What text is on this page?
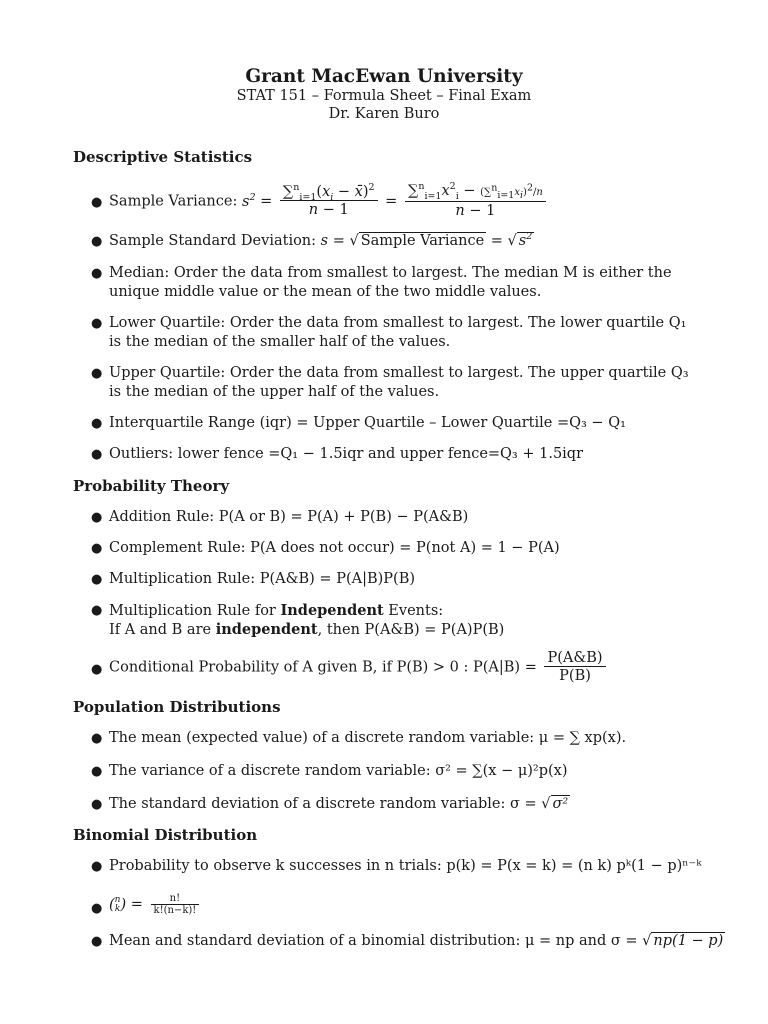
Grant MacEwan University
STAT 151 – Formula Sheet – Final Exam
Dr. Karen Buro
Descriptive Statistics
● Sample Variance: $s^2 = \frac{\sum^n_{i=1}(x_i - x̄)^2}{n - 1} = \frac{\sum^n_{i=1}x^2_i - (\sum^n_{i=1}x_i)^2/n}{n - 1}$
● Sample Standard Deviation: s = √ Sample Variance = √ $s^2$
● Median: Order the data from smallest to largest. The median M is either the unique middle value or the mean of the two middle values.
● Lower Quartile: Order the data from smallest to largest. The lower quartile Q₁ is the median of the smaller half of the values.
● Upper Quartile: Order the data from smallest to largest. The upper quartile Q₃ is the median of the upper half of the values.
● Interquartile Range (iqr) = Upper Quartile – Lower Quartile =Q₃ − Q₁
● Outliers: lower fence =Q₁ − 1.5iqr and upper fence=Q₃ + 1.5iqr
Probability Theory
● Addition Rule: P(A or B) = P(A) + P(B) − P(A&B)
● Complement Rule: P(A does not occur) = P(not A) = 1 − P(A)
● Multiplication Rule: P(A&B) = P(A|B)P(B)
● Multiplication Rule for Independent Events:
If A and B are independent, then P(A&B) = P(A)P(B)
● Conditional Probability of A given B, if P(B) > 0 : $P(A|B) = \frac{P(A\&B)}{P(B)}$
Population Distributions
● The mean (expected value) of a discrete random variable: μ = ∑ xp(x).
● The variance of a discrete random variable: σ² = ∑(x − μ)²p(x)
● The standard deviation of a discrete random variable: σ = √ σ²
Binomial Distribution
● Probability to observe k successes in n trials: p(k) = P(x = k) = (n k) pᵏ(1 − p)ⁿ⁻ᵏ
● (n
$k) = \frac{n!}{k!(n-k)!}$
● Mean and standard deviation of a binomial distribution: μ = np and σ = √ np(1 − p)
